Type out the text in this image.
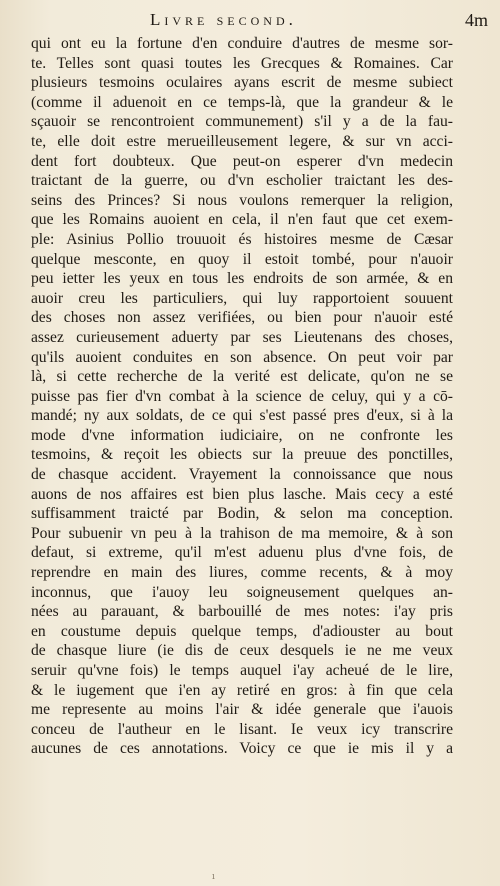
Livre second.	4m
qui ont eu la fortune d'en conduire d'autres de mesme sor-
te. Telles sont quasi toutes les Grecques & Romaines. Car
plusieurs tesmoins oculaires ayans escrit de mesme subiect
(comme il aduenoit en ce temps-là, que la grandeur & le
sçauoir se rencontroient communement) s'il y a de la fau-
te, elle doit estre merueilleusement legere, & sur vn acci-
dent fort doubteux. Que peut-on esperer d'vn medecin
traictant de la guerre, ou d'vn escholier traictant les des-
seins des Princes? Si nous voulons remerquer la religion,
que les Romains auoient en cela, il n'en faut que cet exem-
ple: Asinius Pollio trouuoit és histoires mesme de Cæsar
quelque mesconte, en quoy il estoit tombé, pour n'auoir
peu ietter les yeux en tous les endroits de son armée, & en
auoir creu les particuliers, qui luy rapportoient souuent
des choses non assez verifiées, ou bien pour n'auoir esté
assez curieusement aduerty par ses Lieutenans des choses,
qu'ils auoient conduites en son absence. On peut voir par
là, si cette recherche de la verité est delicate, qu'on ne se
puisse pas fier d'vn combat à la science de celuy, qui y a cō-
mandé; ny aux soldats, de ce qui s'est passé pres d'eux, si à la
mode d'vne information iudiciaire, on ne confronte les
tesmoins, & reçoit les obiects sur la preuue des ponctilles,
de chasque accident. Vrayement la connoissance que nous
auons de nos affaires est bien plus lasche. Mais cecy a esté
suffisamment traicté par Bodin, & selon ma conception.
Pour subuenir vn peu à la trahison de ma memoire, & à son
defaut, si extreme, qu'il m'est aduenu plus d'vne fois, de
reprendre en main des liures, comme recents, & à moy
inconnus, que i'auoy leu soigneusement quelques an-
nées au parauant, & barbouillé de mes notes: i'ay pris
en coustume depuis quelque temps, d'adiouster au bout
de chasque liure (ie dis de ceux desquels ie ne me veux
seruir qu'vne fois) le temps auquel i'ay acheué de le lire,
& le iugement que i'en ay retiré en gros: à fin que cela
me represente au moins l'air & idée generale que i'auois
conceu de l'autheur en le lisant. Ie veux icy transcrire
aucunes de ces annotations. Voicy ce que ie mis il y a
ı
